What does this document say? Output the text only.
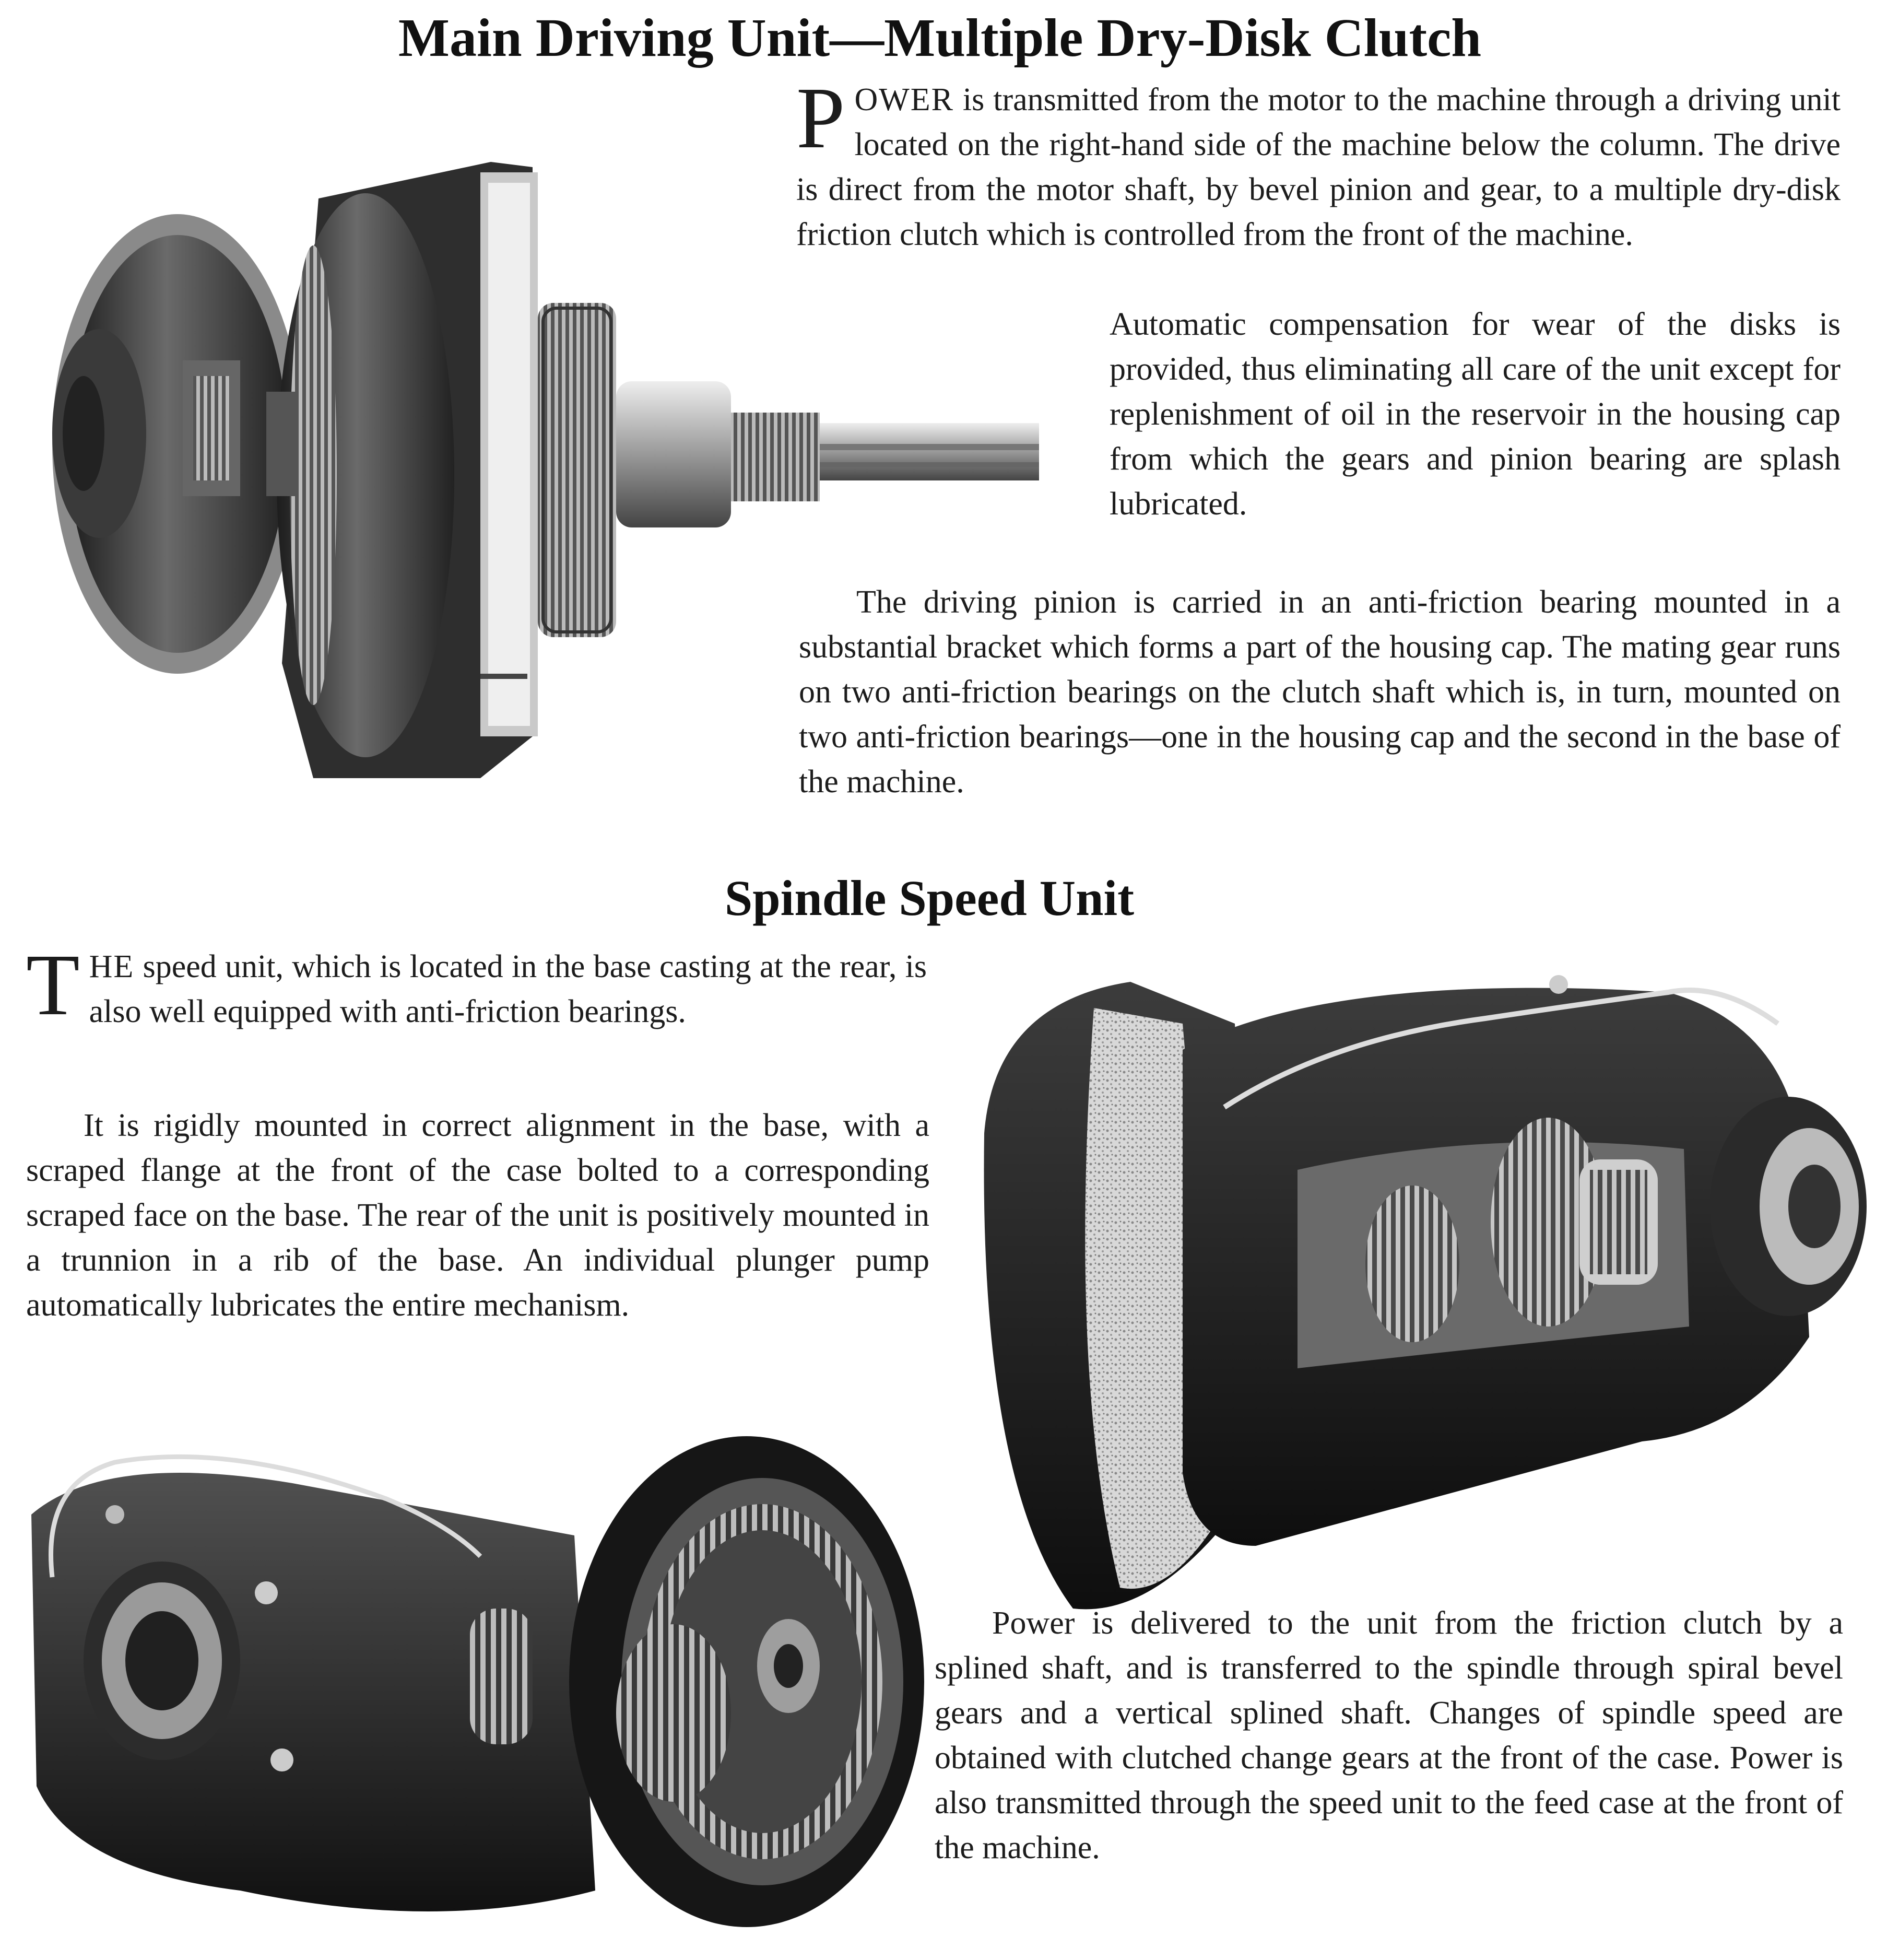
Main Driving Unit—Multiple Dry-Disk Clutch
Spindle Speed Unit

POWER is transmitted from the motor to the machine through a driving unit located on the right-hand side of the machine below the column. The drive is direct from the motor shaft, by bevel pinion and gear, to a multiple dry-disk friction clutch which is controlled from the front of the machine.

Automatic compensation for wear of the disks is provided, thus eliminating all care of the unit except for replenishment of oil in the reservoir in the housing cap from which the gears and pinion bearing are splash lubricated.

The driving pinion is carried in an anti-friction bearing mounted in a substantial bracket which forms a part of the housing cap. The mating gear runs on two anti-friction bearings on the clutch shaft which is, in turn, mounted on two anti-friction bearings—one in the housing cap and the second in the base of the machine.

THE speed unit, which is located in the base casting at the rear, is also well equipped with anti-friction bearings.

It is rigidly mounted in correct alignment in the base, with a scraped flange at the front of the case bolted to a corresponding scraped face on the base. The rear of the unit is positively mounted in a trunnion in a rib of the base. An individual plunger pump automatically lubricates the entire mechanism.

Power is delivered to the unit from the friction clutch by a splined shaft, and is transferred to the spindle through spiral bevel gears and a vertical splined shaft. Changes of spindle speed are obtained with clutched change gears at the front of the case. Power is also transmitted through the speed unit to the feed case at the front of the machine.
